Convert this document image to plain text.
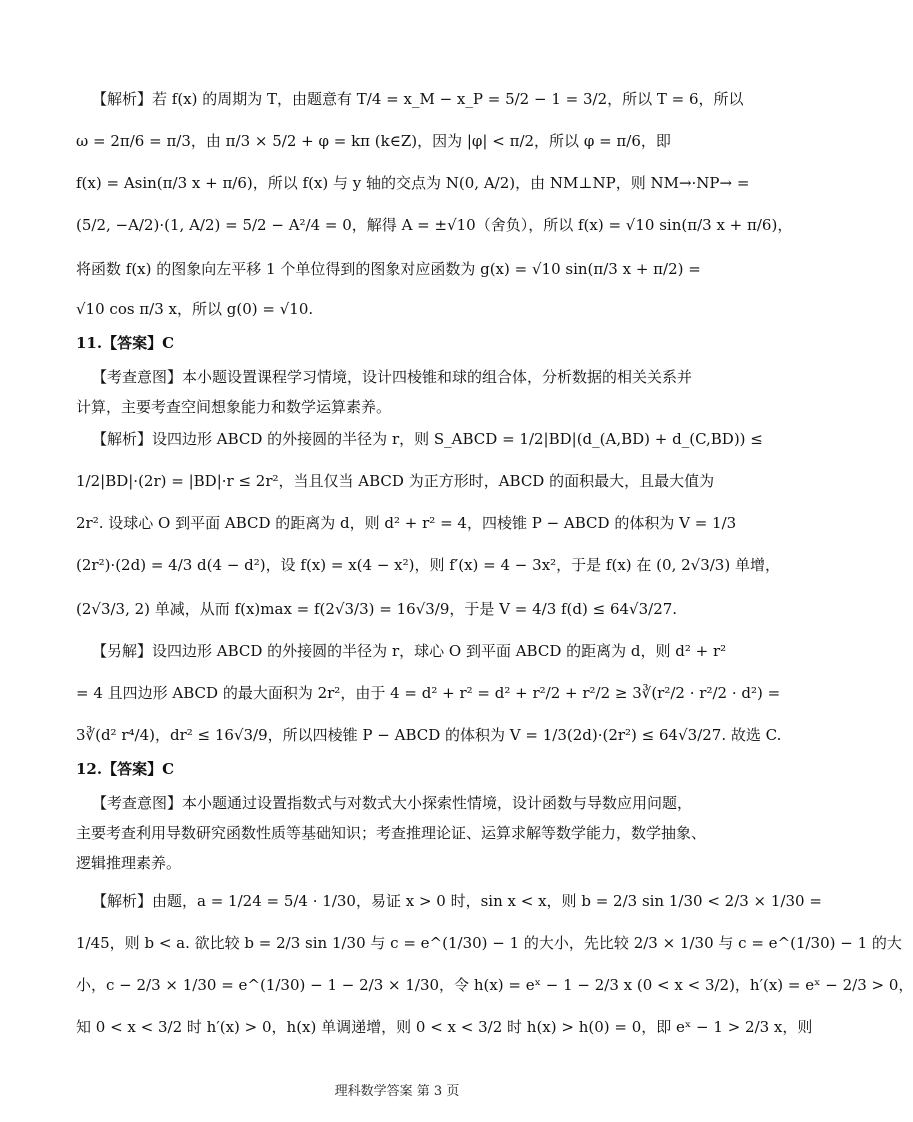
【解析】若 f(x) 的周期为 T，由题意有 T/4 = x_M − x_P = 5/2 − 1 = 3/2，所以 T = 6，所以
ω = 2π/6 = π/3，由 π/3 × 5/2 + φ = kπ (k∈Z)，因为 |φ| < π/2，所以 φ = π/6，即
f(x) = Asin(π/3 x + π/6)，所以 f(x) 与 y 轴的交点为 N(0, A/2)，由 NM⊥NP，则 NM→·NP→ =
(5/2, −A/2)·(1, A/2) = 5/2 − A²/4 = 0，解得 A = ±√10（舍负），所以 f(x) = √10 sin(π/3 x + π/6)，
将函数 f(x) 的图象向左平移 1 个单位得到的图象对应函数为 g(x) = √10 sin(π/3 x + π/2) =
√10 cos π/3 x，所以 g(0) = √10.
11.【答案】C
【考查意图】本小题设置课程学习情境，设计四棱锥和球的组合体，分析数据的相关关系并
计算，主要考查空间想象能力和数学运算素养。
【解析】设四边形 ABCD 的外接圆的半径为 r，则 S_ABCD = 1/2|BD|(d_(A,BD) + d_(C,BD)) ≤
1/2|BD|·(2r) = |BD|·r ≤ 2r²，当且仅当 ABCD 为正方形时，ABCD 的面积最大，且最大值为
2r². 设球心 O 到平面 ABCD 的距离为 d，则 d² + r² = 4，四棱锥 P − ABCD 的体积为 V = 1/3
(2r²)·(2d) = 4/3 d(4 − d²)，设 f(x) = x(4 − x²)，则 f′(x) = 4 − 3x²，于是 f(x) 在 (0, 2√3/3) 单增，
(2√3/3, 2) 单减，从而 f(x)max = f(2√3/3) = 16√3/9，于是 V = 4/3 f(d) ≤ 64√3/27.
【另解】设四边形 ABCD 的外接圆的半径为 r，球心 O 到平面 ABCD 的距离为 d，则 d² + r²
= 4 且四边形 ABCD 的最大面积为 2r²，由于 4 = d² + r² = d² + r²/2 + r²/2 ≥ 3∛(r²/2 · r²/2 · d²) =
3∛(d² r⁴/4)，dr² ≤ 16√3/9，所以四棱锥 P − ABCD 的体积为 V = 1/3(2d)·(2r²) ≤ 64√3/27. 故选 C.
12.【答案】C
【考查意图】本小题通过设置指数式与对数式大小探索性情境，设计函数与导数应用问题，
主要考查利用导数研究函数性质等基础知识；考查推理论证、运算求解等数学能力，数学抽象、
逻辑推理素养。
【解析】由题，a = 1/24 = 5/4 · 1/30，易证 x > 0 时，sin x < x，则 b = 2/3 sin 1/30 < 2/3 × 1/30 =
1/45，则 b < a. 欲比较 b = 2/3 sin 1/30 与 c = e^(1/30) − 1 的大小，先比较 2/3 × 1/30 与 c = e^(1/30) − 1 的大
小，c − 2/3 × 1/30 = e^(1/30) − 1 − 2/3 × 1/30，令 h(x) = eˣ − 1 − 2/3 x (0 < x < 3/2)，h′(x) = eˣ − 2/3 > 0，
知 0 < x < 3/2 时 h′(x) > 0，h(x) 单调递增，则 0 < x < 3/2 时 h(x) > h(0) = 0，即 eˣ − 1 > 2/3 x，则
理科数学答案 第 3 页
